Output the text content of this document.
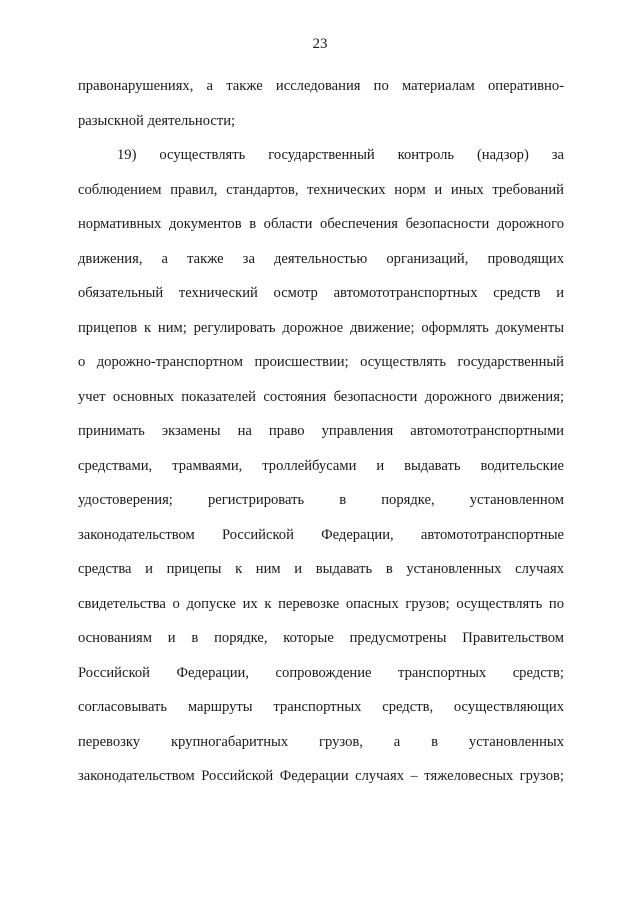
23
правонарушениях, а также исследования по материалам оперативно-
разыскной деятельности;
19) осуществлять государственный контроль (надзор) за
соблюдением правил, стандартов, технических норм и иных требований
нормативных документов в области обеспечения безопасности дорожного
движения, а также за деятельностью организаций, проводящих
обязательный технический осмотр автомототранспортных средств и
прицепов к ним; регулировать дорожное движение; оформлять документы
о дорожно-транспортном происшествии; осуществлять государственный
учет основных показателей состояния безопасности дорожного движения;
принимать экзамены на право управления автомототранспортными
средствами, трамваями, троллейбусами и выдавать водительские
удостоверения; регистрировать в порядке, установленном
законодательством Российской Федерации, автомототранспортные
средства и прицепы к ним и выдавать в установленных случаях
свидетельства о допуске их к перевозке опасных грузов; осуществлять по
основаниям и в порядке, которые предусмотрены Правительством
Российской Федерации, сопровождение транспортных средств;
согласовывать маршруты транспортных средств, осуществляющих
перевозку крупногабаритных грузов, а в установленных
законодательством Российской Федерации случаях – тяжеловесных грузов;
